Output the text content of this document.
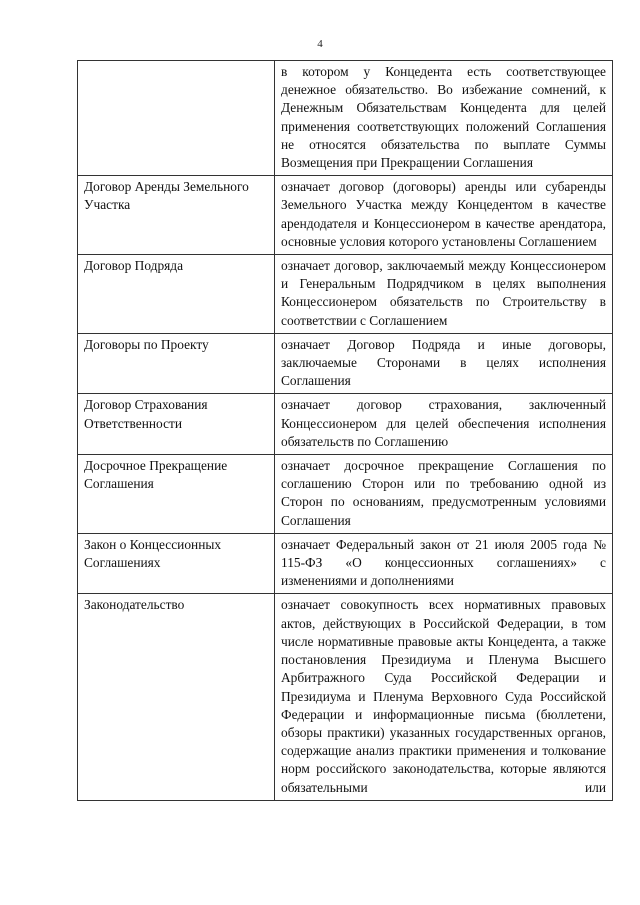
4
	в котором у Концедента есть соответствующее денежное обязательство. Во избежание сомнений, к Денежным Обязательствам Концедента для целей применения соответствующих положений Соглашения не относятся обязательства по выплате Суммы Возмещения при Прекращении Соглашения
Договор Аренды Земельного Участка	означает договор (договоры) аренды или субаренды Земельного Участка между Концедентом в качестве арендодателя и Концессионером в качестве арендатора, основные условия которого установлены Соглашением
Договор Подряда	означает договор, заключаемый между Концессионером и Генеральным Подрядчиком в целях выполнения Концессионером обязательств по Строительству в соответствии с Соглашением
Договоры по Проекту	означает Договор Подряда и иные договоры, заключаемые Сторонами в целях исполнения Соглашения
Договор Страхования Ответственности	означает договор страхования, заключенный Концессионером для целей обеспечения исполнения обязательств по Соглашению
Досрочное Прекращение Соглашения	означает досрочное прекращение Соглашения по соглашению Сторон или по требованию одной из Сторон по основаниям, предусмотренным условиями Соглашения
Закон о Концессионных Соглашениях	означает Федеральный закон от 21 июля 2005 года № 115-ФЗ «О концессионных соглашениях» с изменениями и дополнениями
Законодательство	означает совокупность всех нормативных правовых актов, действующих в Российской Федерации, в том числе нормативные правовые акты Концедента, а также постановления Президиума и Пленума Высшего Арбитражного Суда Российской Федерации и Президиума и Пленума Верховного Суда Российской Федерации и информационные письма (бюллетени, обзоры практики) указанных государственных органов, содержащие анализ практики применения и толкование норм российского законодательства, которые являются обязательными или
